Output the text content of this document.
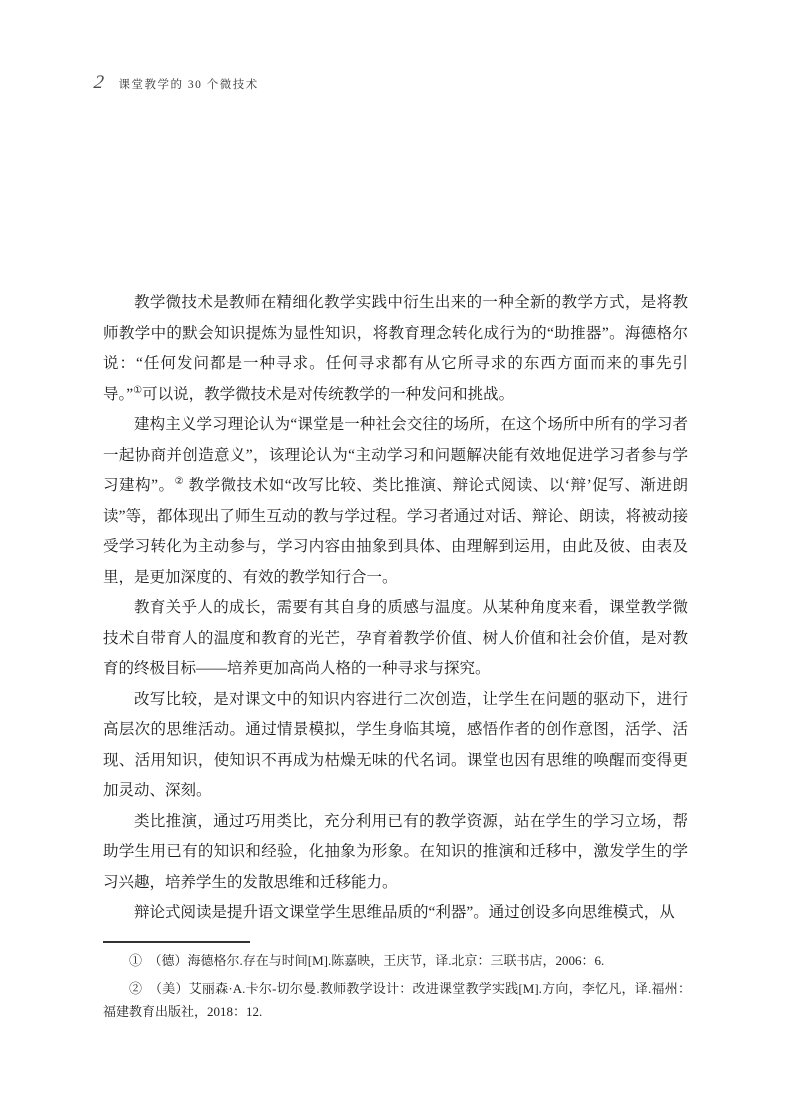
2 课堂教学的 30 个微技术

教学微技术是教师在精细化教学实践中衍生出来的一种全新的教学方式，是将教师教学中的默会知识提炼为显性知识，将教育理念转化成行为的“助推器”。海德格尔说：“任何发问都是一种寻求。任何寻求都有从它所寻求的东西方面而来的事先引导。”①可以说，教学微技术是对传统教学的一种发问和挑战。

建构主义学习理论认为“课堂是一种社会交往的场所，在这个场所中所有的学习者一起协商并创造意义”，该理论认为“主动学习和问题解决能有效地促进学习者参与学习建构”。② 教学微技术如“改写比较、类比推演、辩论式阅读、以‘辩’促写、渐进朗读”等，都体现出了师生互动的教与学过程。学习者通过对话、辩论、朗读，将被动接受学习转化为主动参与，学习内容由抽象到具体、由理解到运用，由此及彼、由表及里，是更加深度的、有效的教学知行合一。

教育关乎人的成长，需要有其自身的质感与温度。从某种角度来看，课堂教学微技术自带育人的温度和教育的光芒，孕育着教学价值、树人价值和社会价值，是对教育的终极目标——培养更加高尚人格的一种寻求与探究。

改写比较，是对课文中的知识内容进行二次创造，让学生在问题的驱动下，进行高层次的思维活动。通过情景模拟，学生身临其境，感悟作者的创作意图，活学、活现、活用知识，使知识不再成为枯燥无味的代名词。课堂也因有思维的唤醒而变得更加灵动、深刻。

类比推演，通过巧用类比，充分利用已有的教学资源，站在学生的学习立场，帮助学生用已有的知识和经验，化抽象为形象。在知识的推演和迁移中，激发学生的学习兴趣，培养学生的发散思维和迁移能力。

辩论式阅读是提升语文课堂学生思维品质的“利器”。通过创设多向思维模式，从

① （德）海德格尔.存在与时间[M].陈嘉映，王庆节，译.北京：三联书店，2006：6.

② （美）艾丽森·A.卡尔-切尔曼.教师教学设计：改进课堂教学实践[M].方向，李忆凡，译.福州：福建教育出版社，2018：12.
